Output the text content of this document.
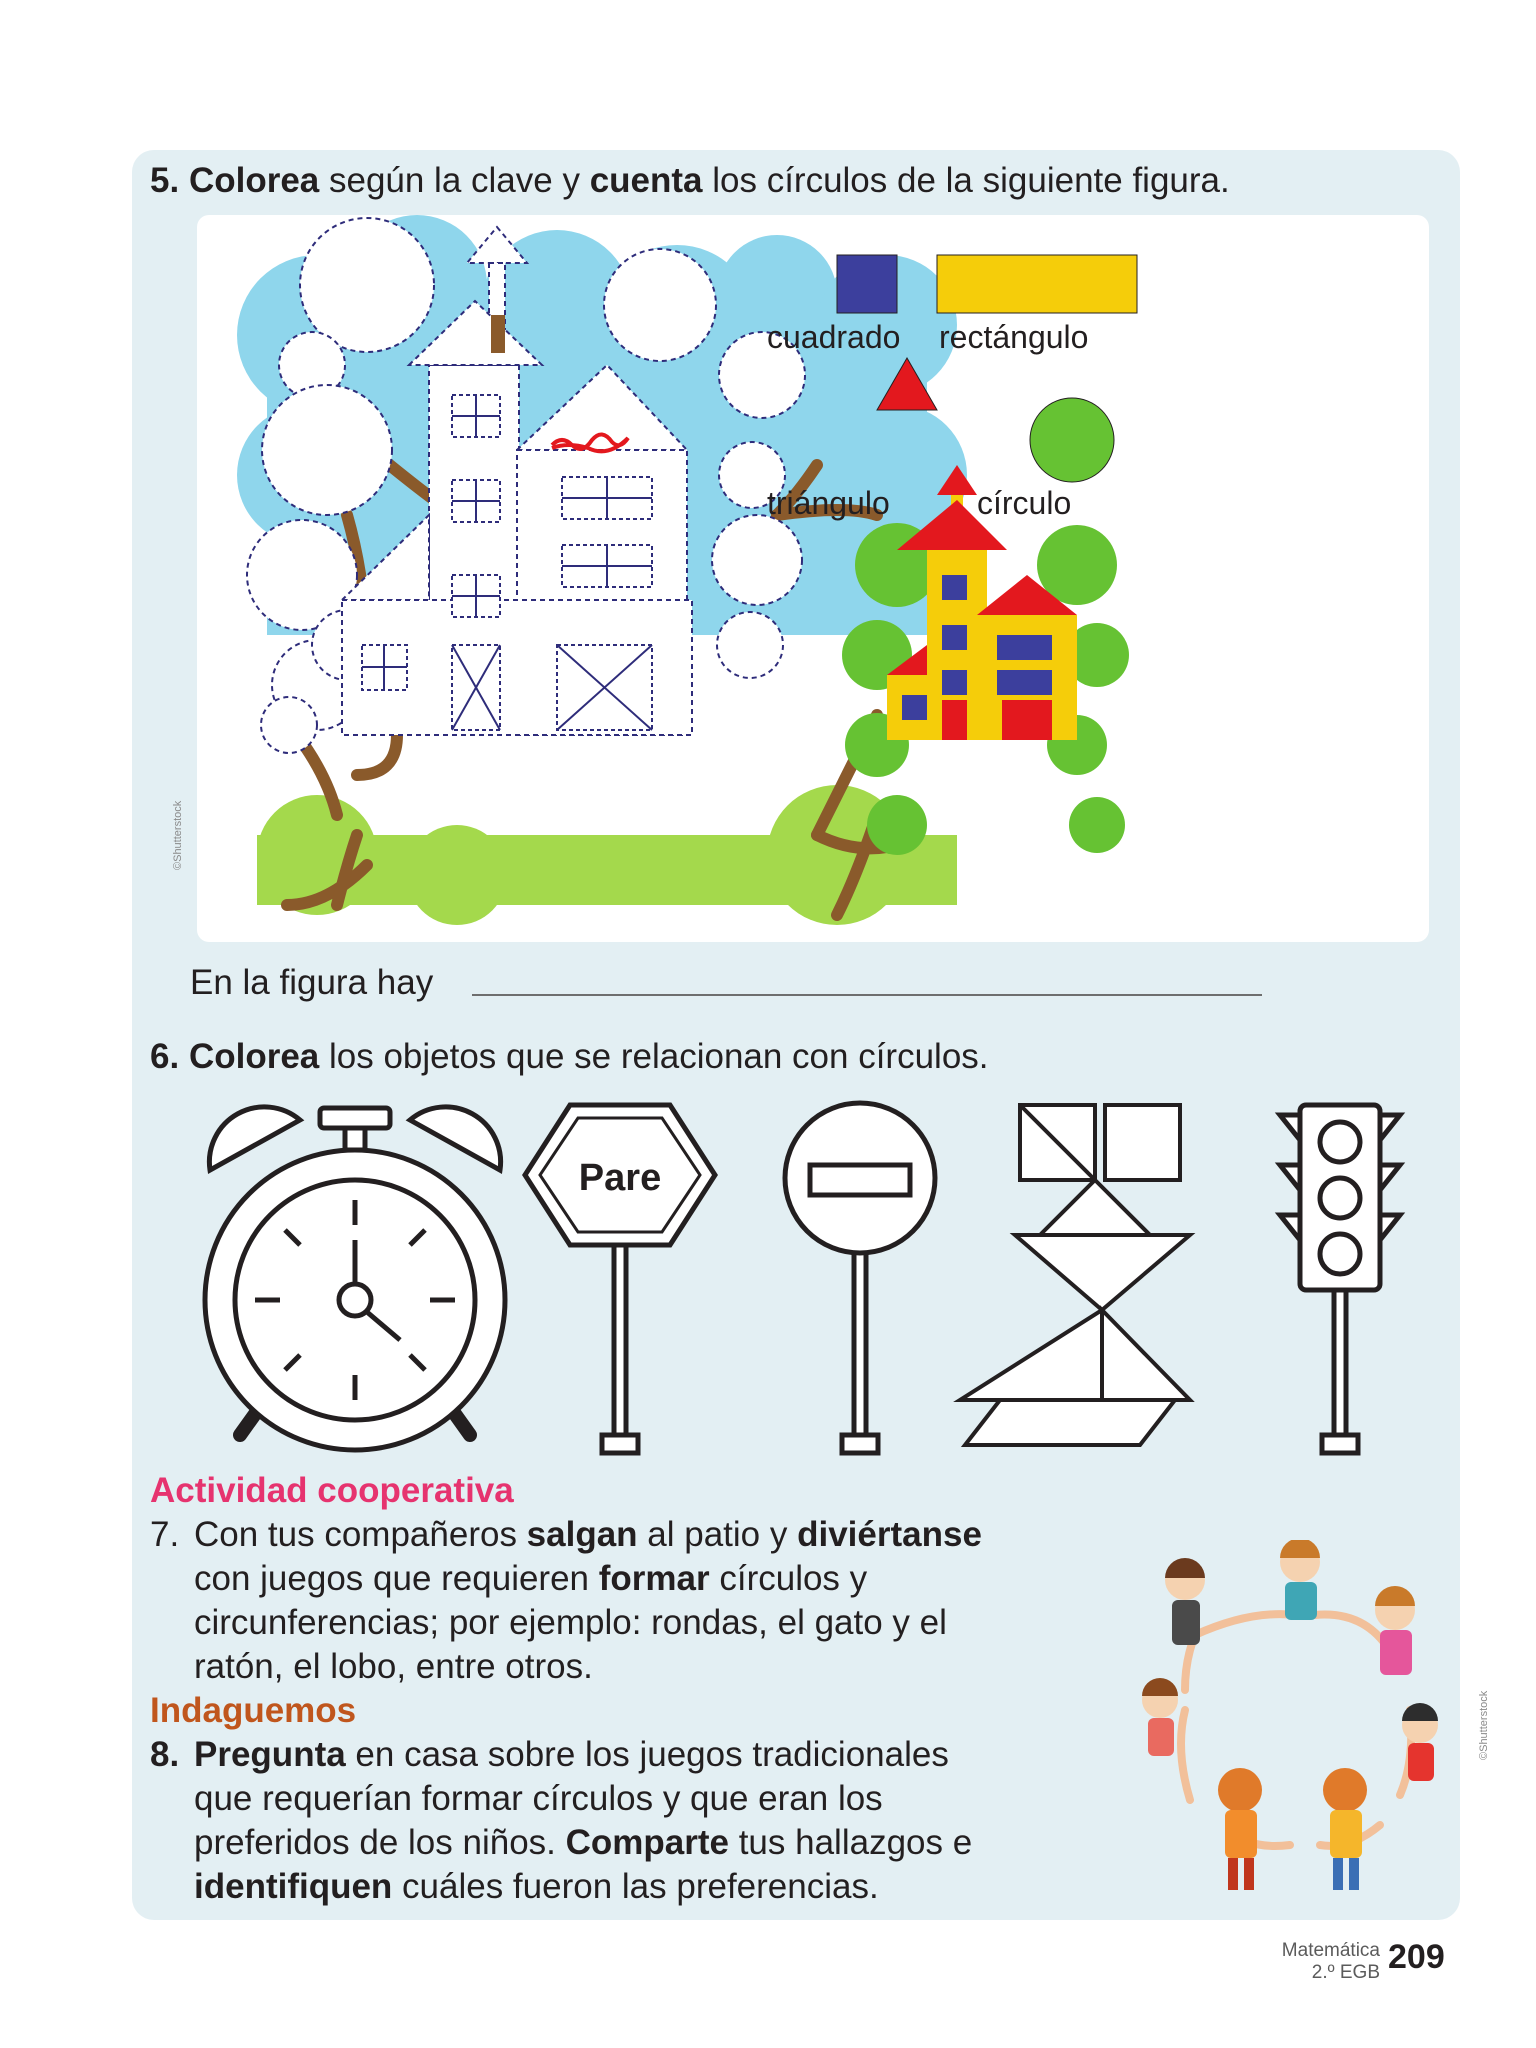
5. Colorea según la clave y cuenta los círculos de la siguiente figura.
cuadrado rectángulo
triángulo	círculo
©Shutterstock
En la figura hay
6. Colorea los objetos que se relacionan con círculos.
Pare
Actividad cooperativa
7. Con tus compañeros salgan al patio y diviértanse
con juegos que requieren formar círculos y
circunferencias; por ejemplo: rondas, el gato y el
ratón, el lobo, entre otros.
Indaguemos
8. Pregunta en casa sobre los juegos tradicionales
que requerían formar círculos y que eran los
preferidos de los niños. Comparte tus hallazgos e
identifiquen cuáles fueron las preferencias.
©Shutterstock
Matemática
2.º EGB 209
